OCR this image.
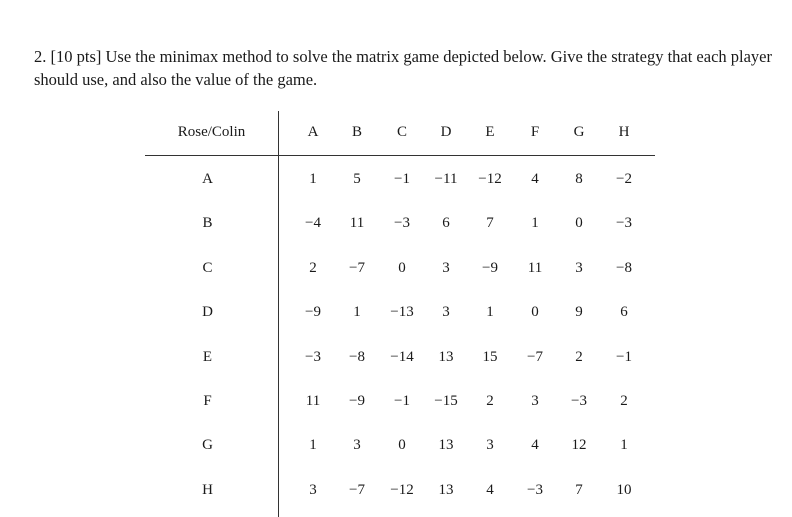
2. [10 pts] Use the minimax method to solve the matrix game depicted below. Give the strategy that each player should use, and also the value of the game.

Rose/Colin	A B C D E F G H
A	1 5 −1 −11 −12 4 8 −2
B	−4 11 −3 6 7	1 0 −3
C	2 −7 0 3 −9 11 3 −8
D	−9 1 −13 3 1	0 9	6
E	−3 −8 −14 13 15 −7 2 −1
F	11 −9 −1 −15 2	3 −3 2
G	1 3	0 13 3	4 12 1
H	3 −7 −12 13 4 −3 7 10
